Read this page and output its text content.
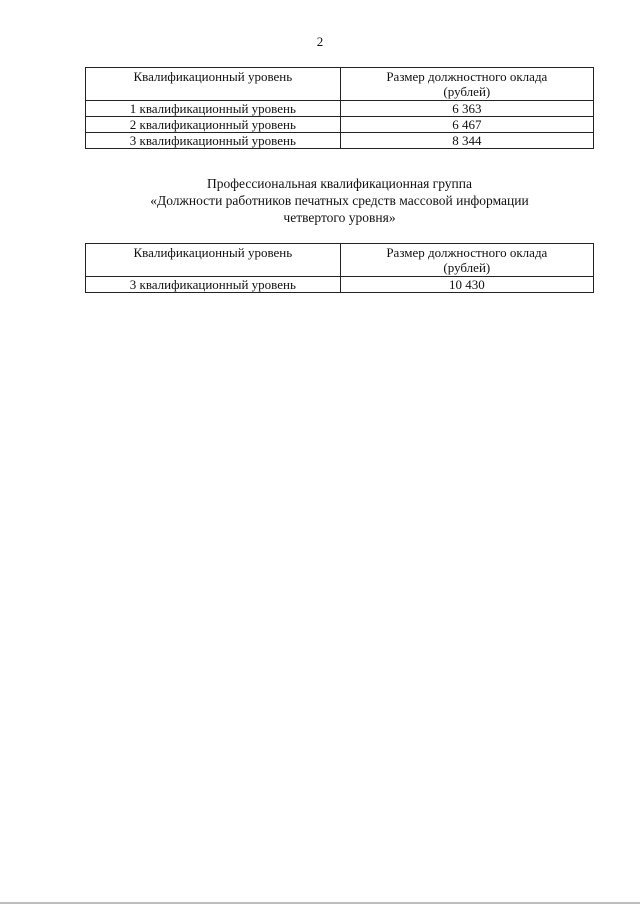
2
Квалификационный уровень	Размер должностного оклада
(рублей)

1 квалификационный уровень	6 363
2 квалификационный уровень	6 467
3 квалификационный уровень	8 344
Профессиональная квалификационная группа
«Должности работников печатных средств массовой информации
четвертого уровня»
Квалификационный уровень	Размер должностного оклада
(рублей)

3 квалификационный уровень	10 430
